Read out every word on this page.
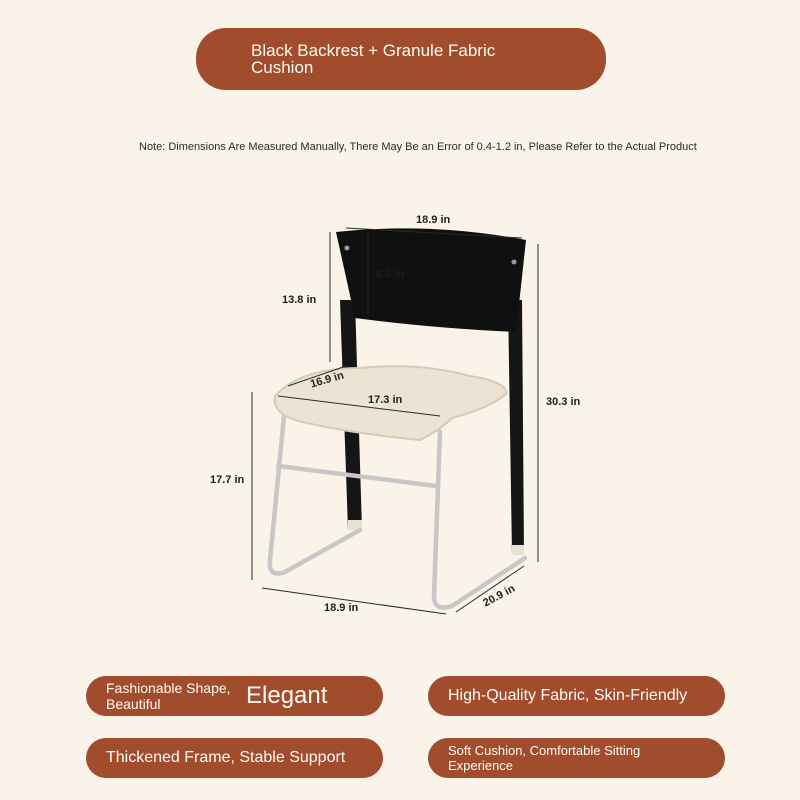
Black Backrest + Granule Fabric Cushion
Note: Dimensions Are Measured Manually, There May Be an Error of 0.4-1.2 in, Please Refer to the Actual Product
18.9 in
13.8 in
8.3 in
16.9 in
17.3 in	30.3 in
17.7 in
18.9 in	20.9 in
Fashionable Shape, Beautiful	Elegant	High-Quality Fabric, Skin-Friendly
Thickened Frame, Stable Support	Soft Cushion, Comfortable Sitting Experience
